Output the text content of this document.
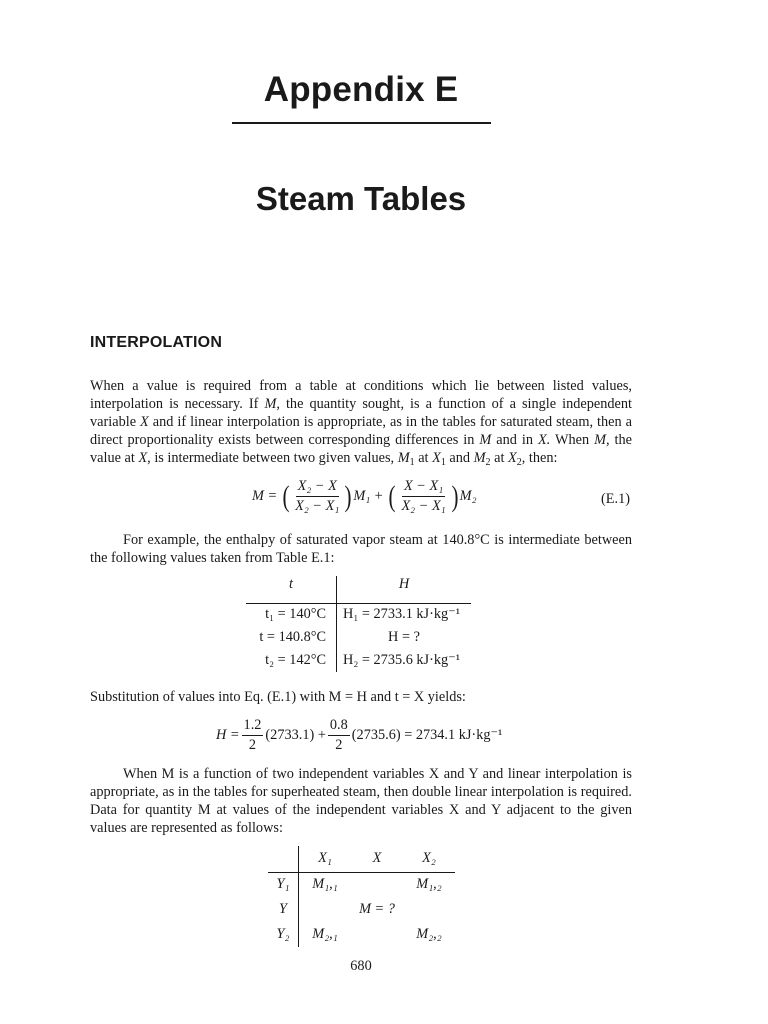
Appendix E
Steam Tables
INTERPOLATION

When a value is required from a table at conditions which lie between listed values, interpolation is necessary. If M, the quantity sought, is a function of a single independent variable X and if linear interpolation is appropriate, as in the tables for saturated steam, then a direct proportionality exists between corresponding differences in M and in X. When M, the value at X, is intermediate between two given values, $M_1$ at $X_1$ and $M_2$ at $X_2$, then:

M = ( $\frac{\text{X₂ − X}}{\text{X₂ − X₁}}$ ) M₁ + ( $\frac{\text{X − X₁}}{\text{X₂ − X₁}}$ ) M₂	(E.1)

For example, the enthalpy of saturated vapor steam at 140.8°C is intermediate between the following values taken from Table E.1:

t	H
t₁ = 140°C	H₁ = 2733.1 kJ·kg⁻¹
t = 140.8°C	H = ?
t₂ = 142°C	H₂ = 2735.6 kJ·kg⁻¹

Substitution of values into Eq. (E.1) with M = H and t = X yields:

$H = \frac{1.2}{2} (2733.1) + \frac{0.8}{2} (2735.6) = 2734.1$ kJ·kg⁻¹

When M is a function of two independent variables X and Y and linear interpolation is appropriate, as in the tables for superheated steam, then double linear interpolation is required. Data for quantity M at values of the independent variables X and Y adjacent to the given values are represented as follows:

	X₁	X	X₂
Y₁	M₁,₁		M₁,₂
Y		M = ?	
Y₂	M₂,₁		M₂,₂
680
